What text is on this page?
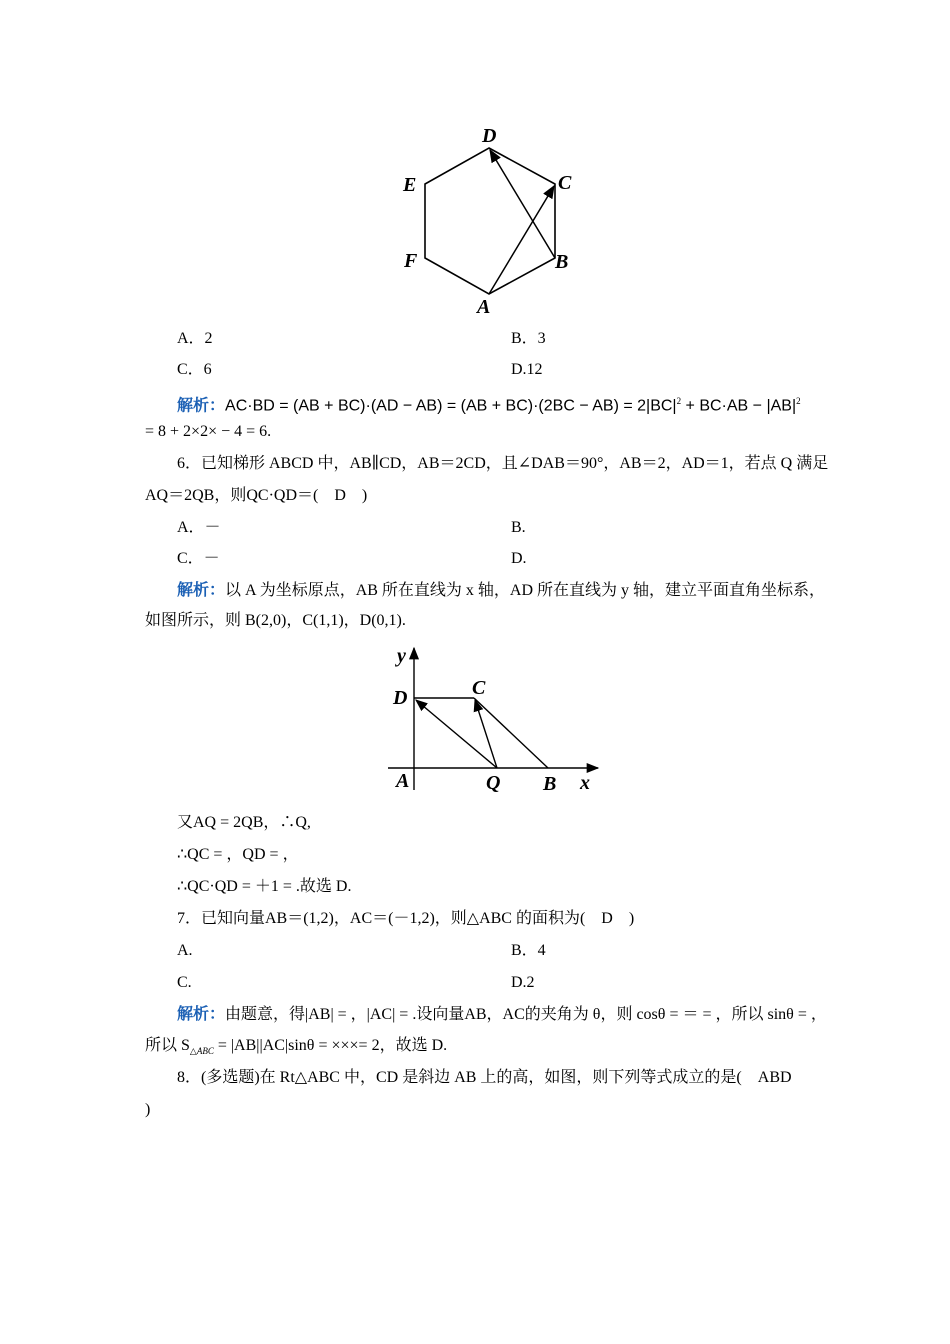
D
C
E
F	B
A
A．2	B．3
C．6	D.12
解析：$AC\cdot BD = (AB + BC)\cdot(AD - AB) = (AB + BC)\cdot(2BC - AB) = 2|BC|^2 + BC\cdot AB - |AB|^2$
= 8 + 2×2× − 4 = 6.
6．已知梯形 ABCD 中，AB∥CD，AB＝2CD，且∠DAB＝90°，AB＝2，AD＝1，若点 Q 满足
AQ＝2QB，则QC·QD＝(　D　)
A．－	B.
C．－	D.
解析：以 A 为坐标原点，AB 所在直线为 x 轴，AD 所在直线为 y 轴，建立平面直角坐标系，
如图所示，则 B(2,0)，C(1,1)，D(0,1).
y
D	C
A	Q B x
又AQ = 2QB，∴Q,
∴QC = ，QD = ，
∴QC·QD = ＋1 = .故选 D.
7．已知向量AB＝(1,2)，AC＝(－1,2)，则△ABC 的面积为(　D　)
A.	B．4
C.	D.2
解析：由题意，得|AB| = ，|AC| = .设向量AB，AC的夹角为 θ，则 cosθ = ＝ = ，所以 sinθ = ，
所以 $S_{\triangle ABC} = |AB||AC|\sin\theta$ = ×××= 2，故选 D.
8．(多选题)在 Rt△ABC 中，CD 是斜边 AB 上的高，如图，则下列等式成立的是(　ABD
)
